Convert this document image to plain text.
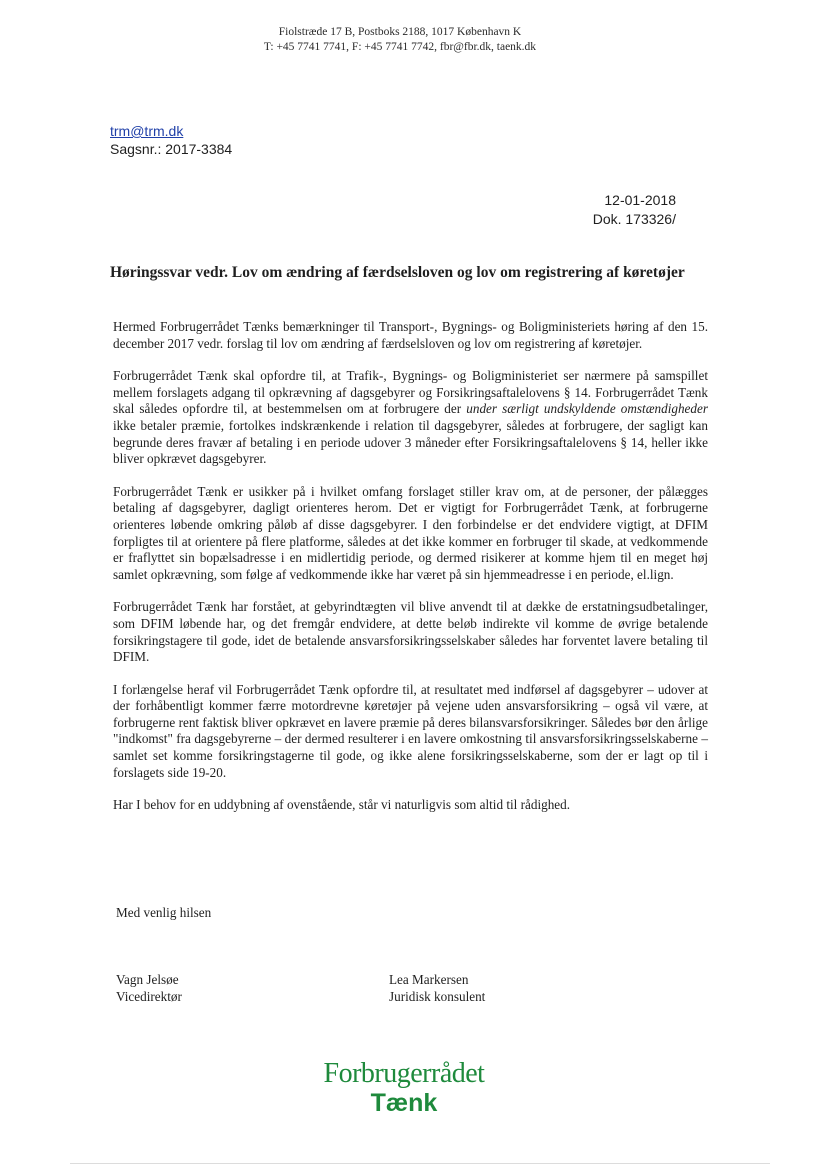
Fiolstræde 17 B, Postboks 2188, 1017 København K
T: +45 7741 7741, F: +45 7741 7742, fbr@fbr.dk, taenk.dk
trm@trm.dk
Sagsnr.: 2017-3384
12-01-2018
Dok. 173326/
Høringssvar vedr. Lov om ændring af færdselsloven og lov om registrering af køretøjer

Hermed Forbrugerrådet Tænks bemærkninger til Transport-, Bygnings- og Boligministeriets høring af den 15. december 2017 vedr. forslag til lov om ændring af færdselsloven og lov om registrering af køretøjer.

Forbrugerrådet Tænk skal opfordre til, at Trafik-, Bygnings- og Boligministeriet ser nærmere på samspillet mellem forslagets adgang til opkrævning af dagsgebyrer og Forsikringsaftalelovens § 14. Forbrugerrådet Tænk skal således opfordre til, at bestemmelsen om at forbrugere der under særligt undskyldende omstændigheder ikke betaler præmie, fortolkes indskrænkende i relation til dagsgebyrer, således at forbrugere, der sagligt kan begrunde deres fravær af betaling i en periode udover 3 måneder efter Forsikringsaftalelovens § 14, heller ikke bliver opkrævet dagsgebyrer.

Forbrugerrådet Tænk er usikker på i hvilket omfang forslaget stiller krav om, at de personer, der pålægges betaling af dagsgebyrer, dagligt orienteres herom. Det er vigtigt for Forbrugerrådet Tænk, at forbrugerne orienteres løbende omkring påløb af disse dagsgebyrer. I den forbindelse er det endvidere vigtigt, at DFIM forpligtes til at orientere på flere platforme, således at det ikke kommer en forbruger til skade, at vedkommende er fraflyttet sin bopælsadresse i en midlertidig periode, og dermed risikerer at komme hjem til en meget høj samlet opkrævning, som følge af vedkommende ikke har været på sin hjemmeadresse i en periode, el.lign.

Forbrugerrådet Tænk har forstået, at gebyrindtægten vil blive anvendt til at dække de erstatningsudbetalinger, som DFIM løbende har, og det fremgår endvidere, at dette beløb indirekte vil komme de øvrige betalende forsikringstagere til gode, idet de betalende ansvarsforsikringsselskaber således har forventet lavere betaling til DFIM.

I forlængelse heraf vil Forbrugerrådet Tænk opfordre til, at resultatet med indførsel af dagsgebyrer – udover at der forhåbentligt kommer færre motordrevne køretøjer på vejene uden ansvarsforsikring – også vil være, at forbrugerne rent faktisk bliver opkrævet en lavere præmie på deres bilansvarsforsikringer. Således bør den årlige "indkomst" fra dagsgebyrerne – der dermed resulterer i en lavere omkostning til ansvarsforsikringsselskaberne – samlet set komme forsikringstagerne til gode, og ikke alene forsikringsselskaberne, som der er lagt op til i forslagets side 19-20.

Har I behov for en uddybning af ovenstående, står vi naturligvis som altid til rådighed.

Med venlig hilsen
Vagn Jelsøe
Vicedirektør
Lea Markersen
Juridisk konsulent
Forbrugerrådet
Tænk
